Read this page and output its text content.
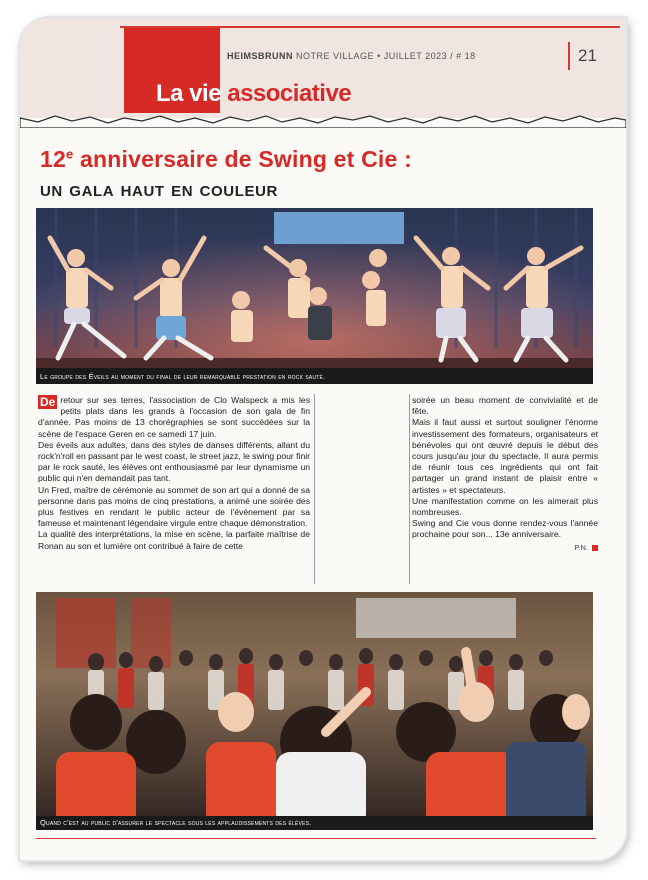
La vie associative
HEIMSBRUNN NOTRE VILLAGE • JUILLET 2023 / # 18	21
12e anniversaire de Swing et Cie :
un gala haut en couleur
Le groupe des Éveils au moment du final de leur remarquable prestation en rock sauté.

De retour sur ses terres, l'association de Clo Walspeck a mis les petits plats dans les grands à l'occasion de son gala de fin d'année. Pas moins de 13 chorégraphies se sont succédées sur la scène de l'espace Geren en ce samedi 17 juin.

Des éveils aux adultes, dans des styles de danses différents, allant du rock'n'roll en passant par le west coast, le street jazz, le swing pour finir par le rock sauté, les élèves ont enthousiasmé par leur dynamisme un public qui n'en demandait pas tant.

Un Fred, maître de cérémonie au sommet de son art qui a donné de sa personne dans pas moins de cinq prestations, a animé une soirée des plus festives en rendant le public acteur de l'événement par sa fameuse et maintenant légendaire virgule entre chaque démonstration.

La qualité des interprétations, la mise en scène, la parfaite maîtrise de Ronan au son et lumière ont contribué à faire de cette

soirée un beau moment de convivialité et de fête.

Mais il faut aussi et surtout souligner l'énorme investissement des formateurs, organisateurs et bénévoles qui ont œuvré depuis le début des cours jusqu'au jour du spectacle. Il aura permis de réunir tous ces ingrédients qui ont fait partager un grand instant de plaisir entre « artistes » et spectateurs.

Une manifestation comme on les aimerait plus nombreuses.

Swing and Cie vous donne rendez-vous l'année prochaine pour son... 13e anniversaire.

P.N.
Quand c'est au public d'assurer le spectacle sous les applaudissements des élèves.
